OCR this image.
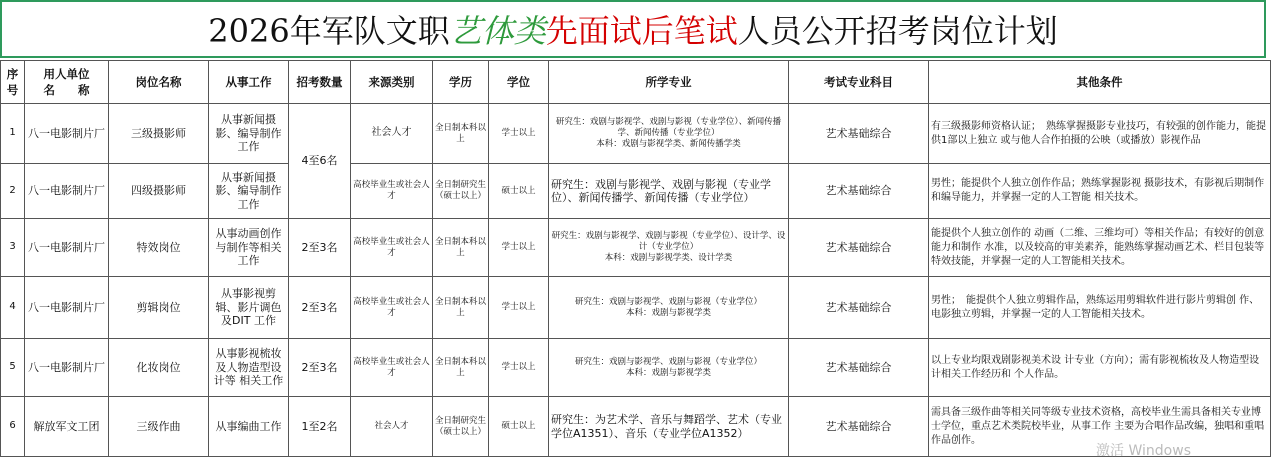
2026年军队文职艺体类先面试后笔试人员公开招考岗位计划
序　号	用人单位
名　　称	岗位名称	从事工作	招考数量	来源类别	学历	学位	所学专业	考试专业科目	其他条件
1	八一电影制片厂	三级摄影师	从事新闻摄影、编导制作工作	4至6名	社会人才	全日制本科以上	学士以上	研究生：戏剧与影视学、戏剧与影视（专业学位）、新闻传播学、新闻传播（专业学位）
本科：戏剧与影视学类、新闻传播学类	艺术基础综合	有三级摄影师资格认证；　熟练掌握摄影专业技巧，有较强的创作能力，能提供1部以上独立 或与他人合作拍摄的公映（或播放）影视作品
2	八一电影制片厂	四级摄影师	从事新闻摄影、编导制作工作		高校毕业生或社会人才	全日制研究生（硕士以上）	硕士以上	研究生：戏剧与影视学、戏剧与影视（专业学位）、新闻传播学、新闻传播（专业学位）	艺术基础综合	男性；能提供个人独立创作作品；熟练掌握影视 摄影技术，有影视后期制作和编导能力，并掌握一定的人工智能 相关技术。
3	八一电影制片厂	特效岗位	从事动画创作与制作等相关工作	2至3名	高校毕业生或社会人才	全日制本科以上	学士以上	研究生：戏剧与影视学、戏剧与影视（专业学位）、设计学、设计（专业学位）
本科：戏剧与影视学类、设计学类	艺术基础综合	能提供个人独立创作的 动画（二维、三维均可）等相关作品；有较好的创意能力和制作 水准，以及较高的审美素养，能熟练掌握动画艺术、栏目包装等特效技能，并掌握一定的人工智能相关技术。
4	八一电影制片厂	剪辑岗位	从事影视剪辑、影片调色及DIT 工作	2至3名	高校毕业生或社会人才	全日制本科以上	学士以上	研究生：戏剧与影视学、戏剧与影视（专业学位）
本科：戏剧与影视学类	艺术基础综合	男性；　能提供个人独立剪辑作品，熟练运用剪辑软件进行影片剪辑创 作、电影独立剪辑，并掌握一定的人工智能相关技术。
5	八一电影制片厂	化妆岗位	从事影视梳妆及人物造型设计等 相关工作	2至3名	高校毕业生或社会人才	全日制本科以上	学士以上	研究生：戏剧与影视学、戏剧与影视（专业学位）
本科：戏剧与影视学类	艺术基础综合	以上专业均限戏剧影视美术设 计专业（方向）；需有影视梳妆及人物造型设计相关工作经历和 个人作品。
6	解放军文工团	三级作曲	从事编曲工作	1至2名	社会人才	全日制研究生（硕士以上）	硕士以上	研究生：为艺术学、音乐与舞蹈学、艺术（专业学位A1351）、音乐（专业学位A1352）	艺术基础综合	需具备三级作曲等相关同等级专业技术资格，高校毕业生需具备相关专业博士学位，重点艺术类院校毕业，从事工作 主要为合唱作品改编，独唱和重唱作品创作。
激活 Windows
